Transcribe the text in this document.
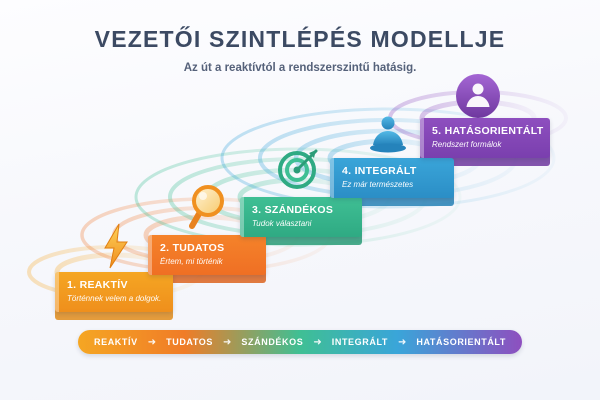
VEZETŐI SZINTLÉPÉS MODELLJE
Az út a reaktívtól a rendszerszintű hatásig.
1. REAKTÍV
Történnek velem a dolgok.
2. TUDATOS
Értem, mi történik
3. SZÁNDÉKOS
Tudok választani
4. INTEGRÁLT
Ez már természetes
5. HATÁSORIENTÁLT
Rendszert formálok
REAKTÍV ➜ TUDATOS ➜ SZÁNDÉKOS ➜ INTEGRÁLT ➜ HATÁSORIENTÁLT
